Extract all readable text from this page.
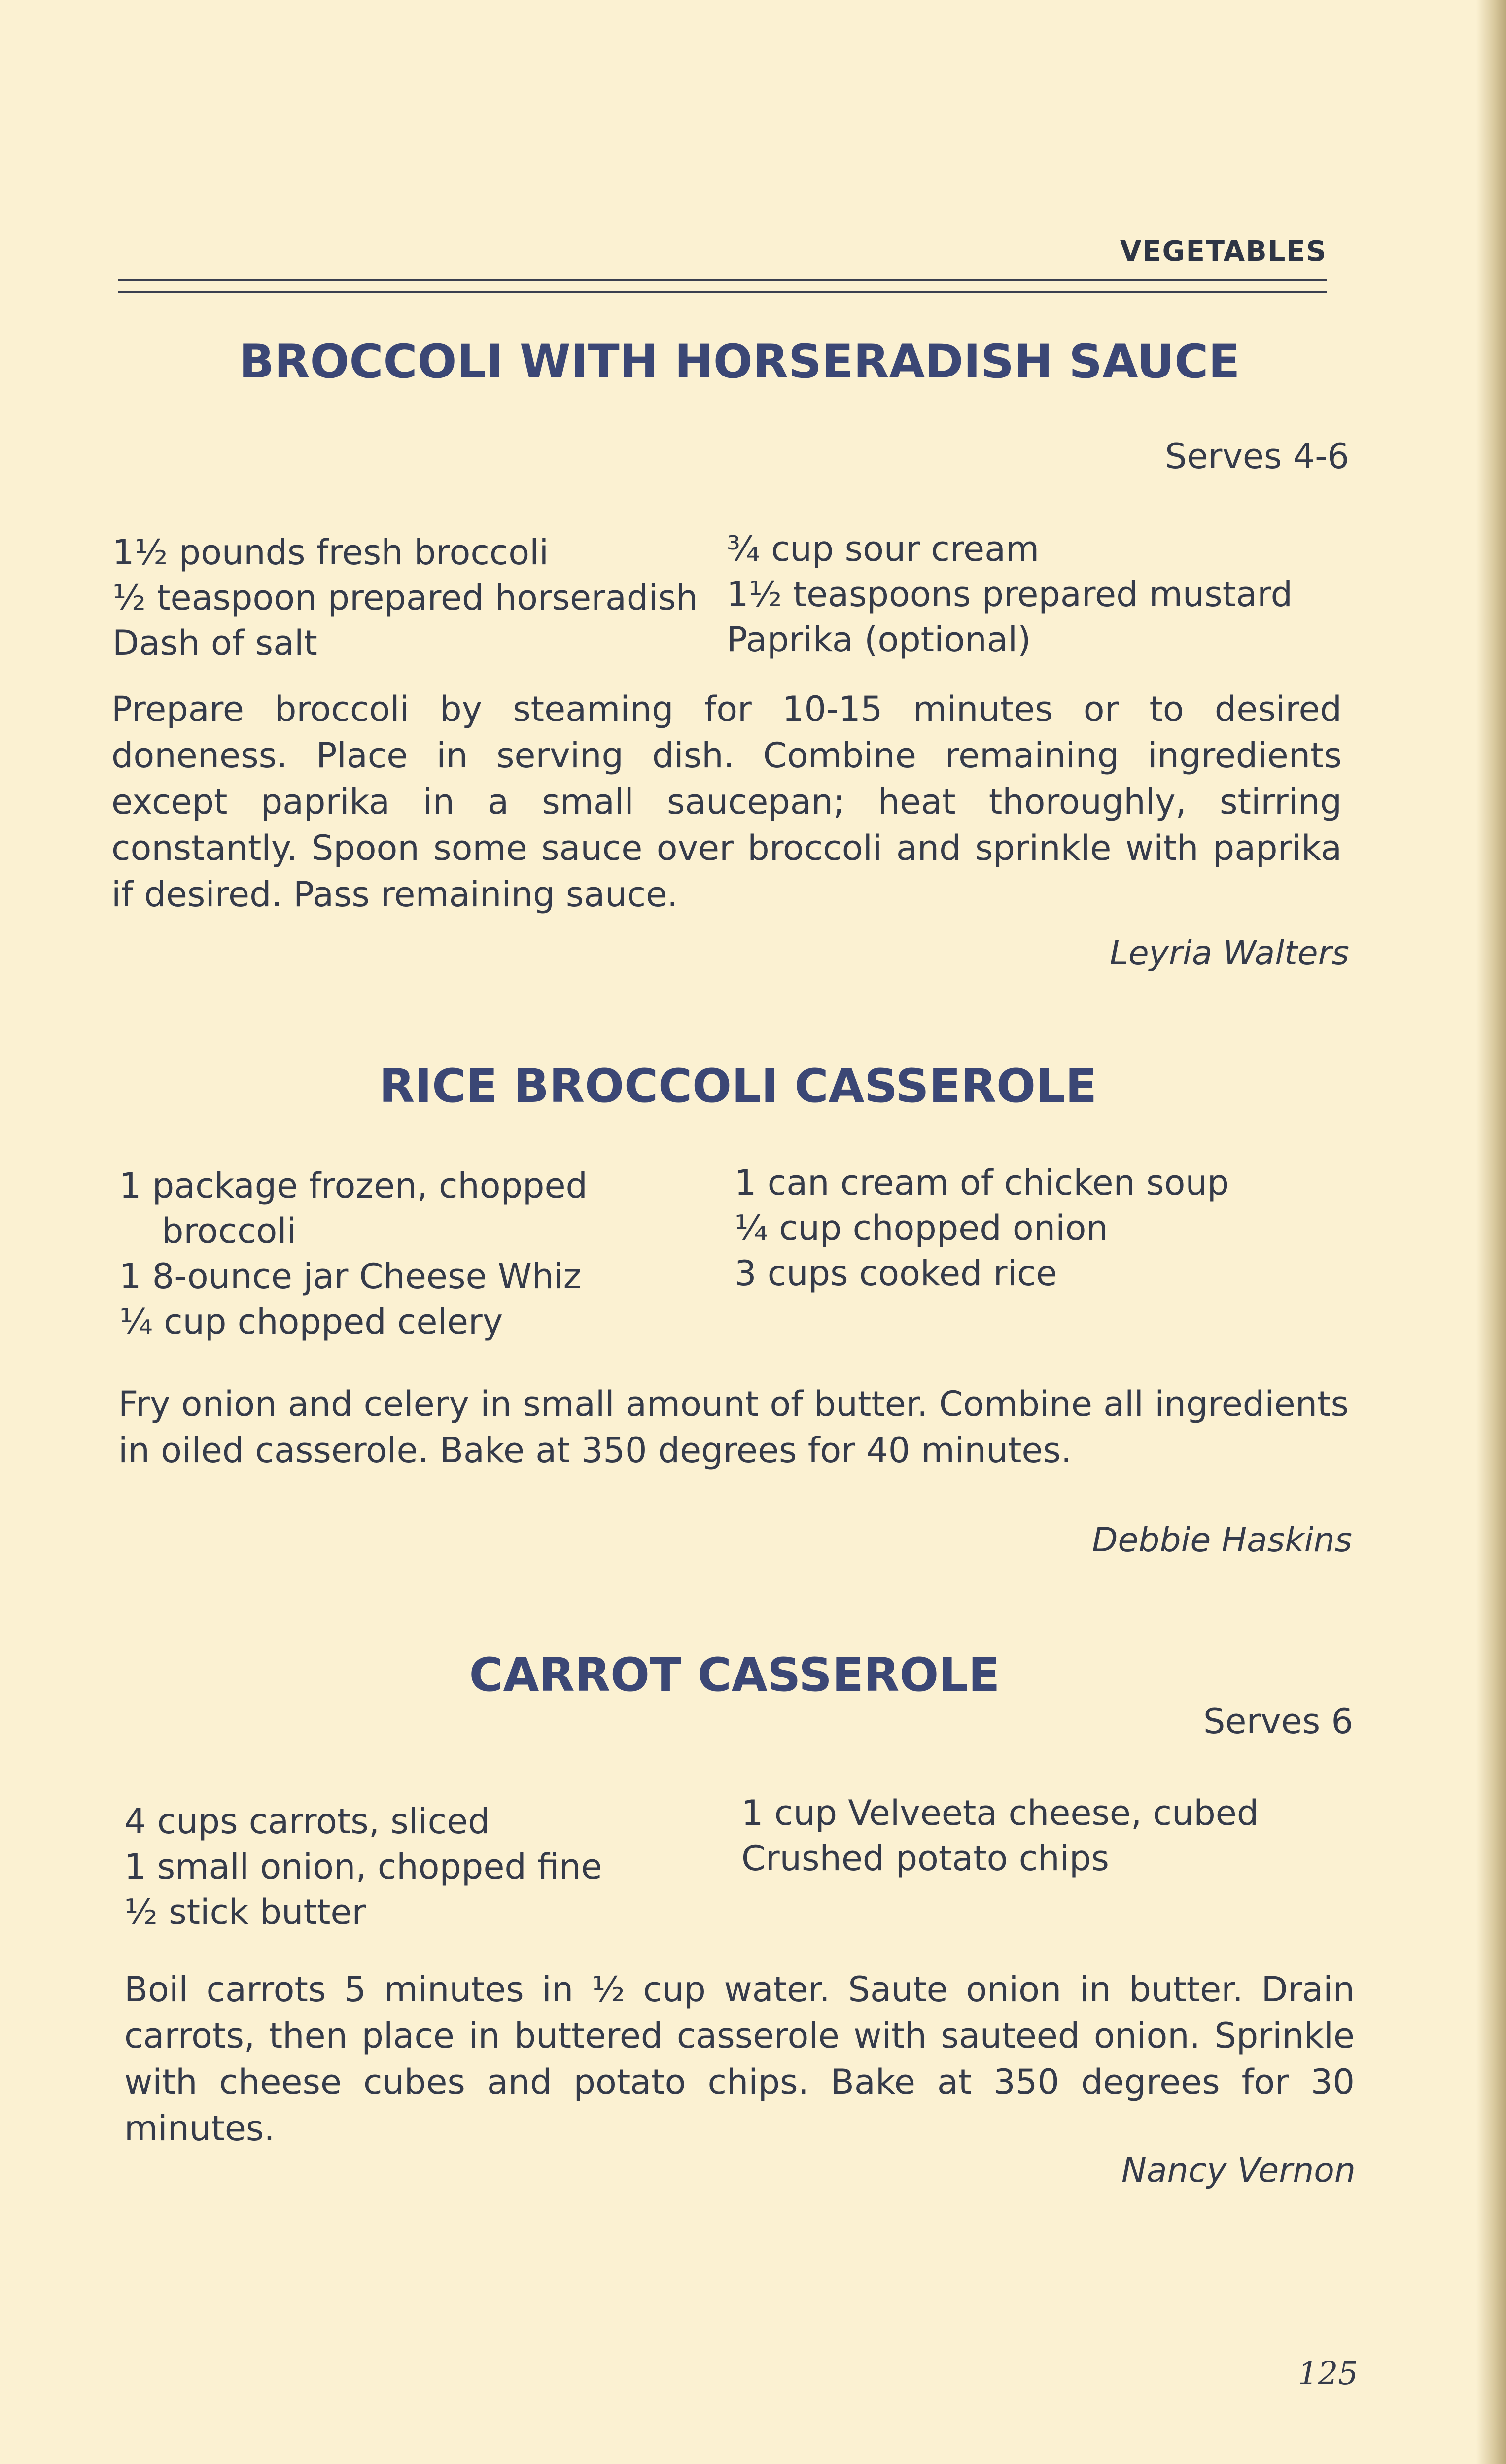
VEGETABLES
BROCCOLI WITH HORSERADISH SAUCE
Serves 4-6
1½ pounds fresh broccoli
½ teaspoon prepared horseradish
Dash of salt
¾ cup sour cream
1½ teaspoons prepared mustard
Paprika (optional)

Prepare broccoli by steaming for 10-15 minutes or to desired doneness. Place in serving dish. Combine remaining ingredients except paprika in a small saucepan; heat thoroughly, stirring constantly. Spoon some sauce over broccoli and sprinkle with paprika if desired. Pass remaining sauce.

Leyria Walters
RICE BROCCOLI CASSEROLE
1 package frozen, chopped
broccoli
1 8-ounce jar Cheese Whiz
¼ cup chopped celery
1 can cream of chicken soup
¼ cup chopped onion
3 cups cooked rice

Fry onion and celery in small amount of butter. Combine all ingredients in oiled casserole. Bake at 350 degrees for 40 minutes.

Debbie Haskins
CARROT CASSEROLE
Serves 6
4 cups carrots, sliced
1 small onion, chopped fine
½ stick butter
1 cup Velveeta cheese, cubed
Crushed potato chips

Boil carrots 5 minutes in ½ cup water. Saute onion in butter. Drain carrots, then place in buttered casserole with sauteed onion. Sprinkle with cheese cubes and potato chips. Bake at 350 degrees for 30 minutes.

Nancy Vernon
125
